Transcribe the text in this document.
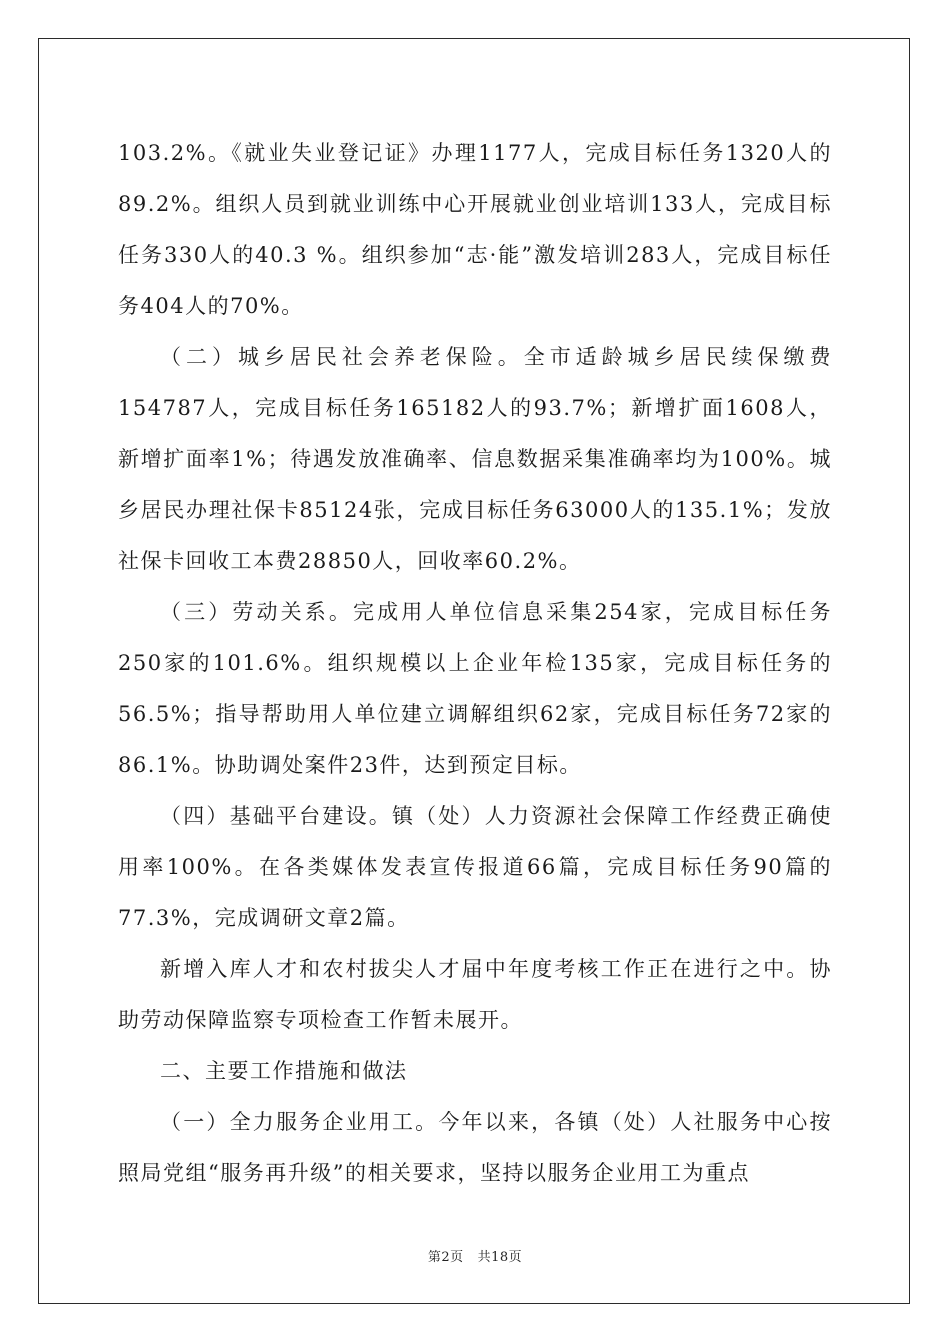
103.2%。《就业失业登记证》办理1177人，完成目标任务1320人的89.2%。组织人员到就业训练中心开展就业创业培训133人，完成目标任务330人的40.3 %。组织参加“志·能”激发培训283人，完成目标任务404人的70%。

（二）城乡居民社会养老保险。全市适龄城乡居民续保缴费154787人，完成目标任务165182人的93.7%；新增扩面1608人，新增扩面率1%；待遇发放准确率、信息数据采集准确率均为100%。城乡居民办理社保卡85124张，完成目标任务63000人的135.1%；发放社保卡回收工本费28850人，回收率60.2%。

（三）劳动关系。完成用人单位信息采集254家，完成目标任务250家的101.6%。组织规模以上企业年检135家，完成目标任务的56.5%；指导帮助用人单位建立调解组织62家，完成目标任务72家的86.1%。协助调处案件23件，达到预定目标。

（四）基础平台建设。镇（处）人力资源社会保障工作经费正确使用率100%。在各类媒体发表宣传报道66篇，完成目标任务90篇的77.3%，完成调研文章2篇。

新增入库人才和农村拔尖人才届中年度考核工作正在进行之中。协助劳动保障监察专项检查工作暂未展开。

二、主要工作措施和做法

（一）全力服务企业用工。今年以来，各镇（处）人社服务中心按照局党组“服务再升级”的相关要求，坚持以服务企业用工为重点

第2页 共18页
